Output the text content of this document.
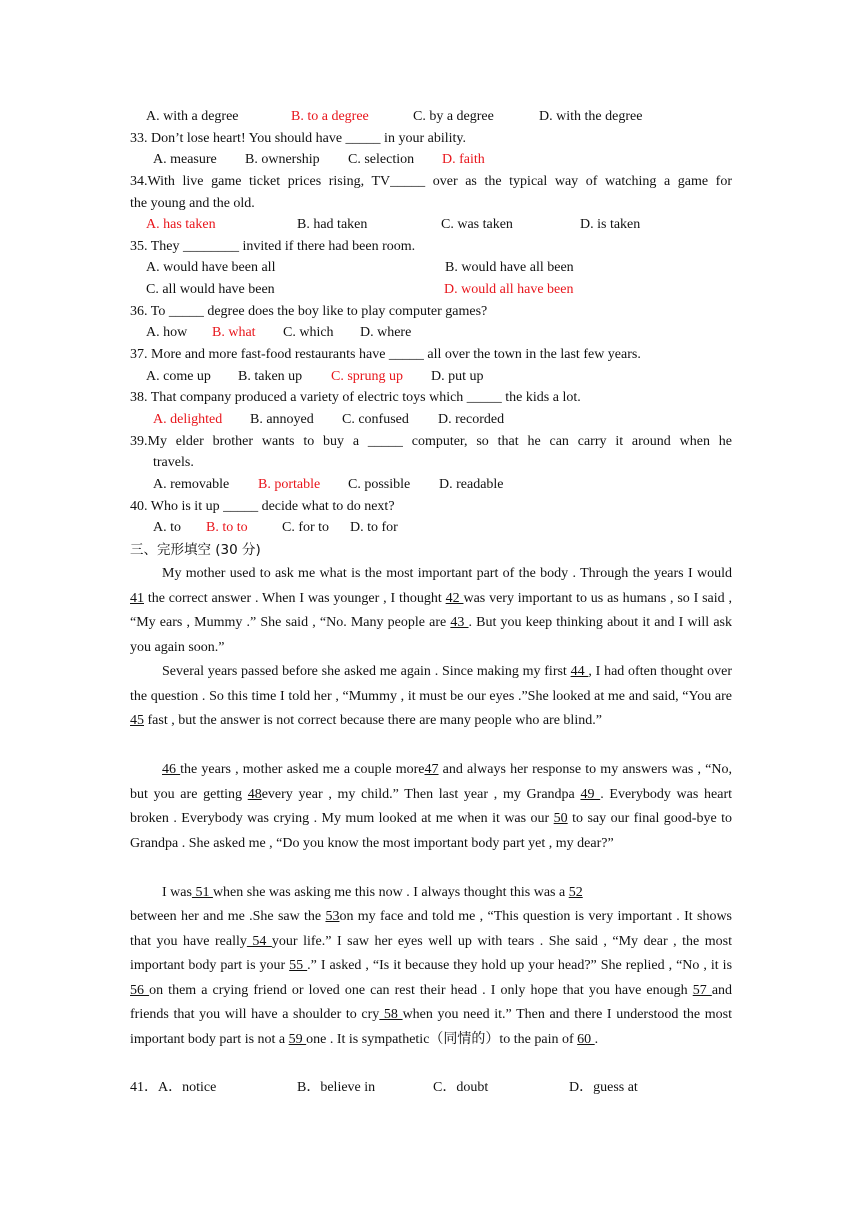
A. with a degree	B. to a degree	C. by a degree	D. with the degree
33. Don’t lose heart! You should have _____ in your ability.
A. measure B. ownership C. selection D. faith
34.With live game ticket prices rising, TV_____ over as the typical way of watching a game for
the young and the old.
A. has taken	B. had taken	C. was taken	D. is taken
35. They ________ invited if there had been room.
A. would have been all	B. would have all been
C. all would have been	D. would all have been
36. To _____ degree does the boy like to play computer games?
A. how B. what C. which D. where
37. More and more fast-food restaurants have _____ all over the town in the last few years.
A. come up B. taken up C. sprung up D. put up
38. That company produced a variety of electric toys which _____ the kids a lot.
A. delighted B. annoyed C. confused D. recorded
39.My elder brother wants to buy a _____ computer, so that he can carry it around when he
travels.
A. removable B. portable C. possible D. readable
40. Who is it up _____ decide what to do next?
A. to B. to to C. for to D. to for
三、完形填空 (30 分)
My mother used to ask me what is the most important part of the body . Through the years I would 41 the correct answer . When I was younger , I thought 42 was very important to us as humans , so I said , “My ears , Mummy .” She said , “No. Many people are 43 . But you keep thinking about it and I will ask you again soon.”
Several years passed before she asked me again . Since making my first 44 , I had often thought over the question . So this time I told her , “Mummy , it must be our eyes .”She looked at me and said, “You are 45 fast , but the answer is not correct because there are many people who are blind.”
46 the years , mother asked me a couple more47 and always her response to my answers was , “No, but you are getting 48every year , my child.” Then last year , my Grandpa 49 . Everybody was heart broken . Everybody was crying . My mum looked at me when it was our 50 to say our final good-bye to Grandpa . She asked me , “Do you know the most important body part yet , my dear?”
I was 51 when she was asking me this now . I always thought this was a 52
between her and me .She saw the 53on my face and told me , “This question is very important . It shows that you have really 54 your life.” I saw her eyes well up with tears . She said , “My dear , the most important body part is your 55 .” I asked , “Is it because they hold up your head?” She replied , “No , it is 56 on them a crying friend or loved one can rest their head . I only hope that you have enough 57 and friends that you will have a shoulder to cry 58 when you need it.” Then and there I understood the most important body part is not a 59 one . It is sympathetic（同情的）to the pain of 60 .
41．A．notice	B．believe in	C．doubt	D．guess at
